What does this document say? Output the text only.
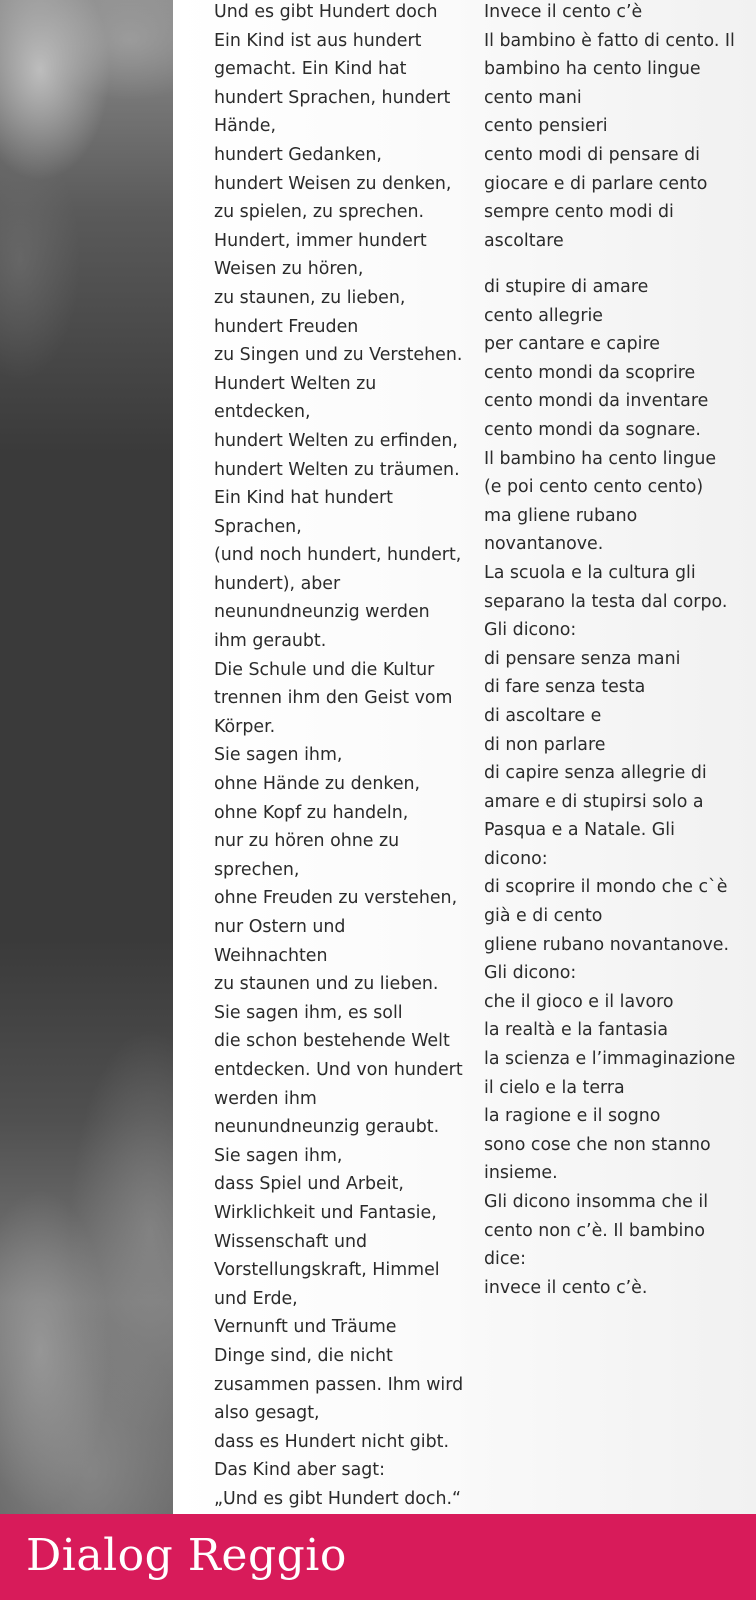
Und es gibt Hundert doch
Ein Kind ist aus hundert
gemacht. Ein Kind hat
hundert Sprachen, hundert
Hände,
hundert Gedanken,
hundert Weisen zu denken,
zu spielen, zu sprechen.
Hundert, immer hundert
Weisen zu hören,
zu staunen, zu lieben,
hundert Freuden
zu Singen und zu Verstehen.
Hundert Welten zu
entdecken,
hundert Welten zu erfinden,
hundert Welten zu träumen.
Ein Kind hat hundert
Sprachen,
(und noch hundert, hundert,
hundert), aber
neunundneunzig werden
ihm geraubt.
Die Schule und die Kultur
trennen ihm den Geist vom
Körper.
Sie sagen ihm,
ohne Hände zu denken,
ohne Kopf zu handeln,
nur zu hören ohne zu
sprechen,
ohne Freuden zu verstehen,
nur Ostern und
Weihnachten
zu staunen und zu lieben.
Sie sagen ihm, es soll
die schon bestehende Welt
entdecken. Und von hundert
werden ihm
neunundneunzig geraubt.
Sie sagen ihm,
dass Spiel und Arbeit,
Wirklichkeit und Fantasie,
Wissenschaft und
Vorstellungskraft, Himmel
und Erde,
Vernunft und Träume
Dinge sind, die nicht
zusammen passen. Ihm wird
also gesagt,
dass es Hundert nicht gibt.
Das Kind aber sagt:
„Und es gibt Hundert doch.“
Invece il cento c’è
Il bambino è fatto di cento. Il
bambino ha cento lingue
cento mani
cento pensieri
cento modi di pensare di
giocare e di parlare cento
sempre cento modi di
ascoltare
di stupire di amare
cento allegrie
per cantare e capire
cento mondi da scoprire
cento mondi da inventare
cento mondi da sognare.
Il bambino ha cento lingue
(e poi cento cento cento)
ma gliene rubano
novantanove.
La scuola e la cultura gli
separano la testa dal corpo.
Gli dicono:
di pensare senza mani
di fare senza testa
di ascoltare e
di non parlare
di capire senza allegrie di
amare e di stupirsi solo a
Pasqua e a Natale. Gli
dicono:
di scoprire il mondo che c`è
già e di cento
gliene rubano novantanove.
Gli dicono:
che il gioco e il lavoro
la realtà e la fantasia
la scienza e l’immaginazione
il cielo e la terra
la ragione e il sogno
sono cose che non stanno
insieme.
Gli dicono insomma che il
cento non c’è. Il bambino
dice:
invece il cento c’è.
Dialog Reggio
